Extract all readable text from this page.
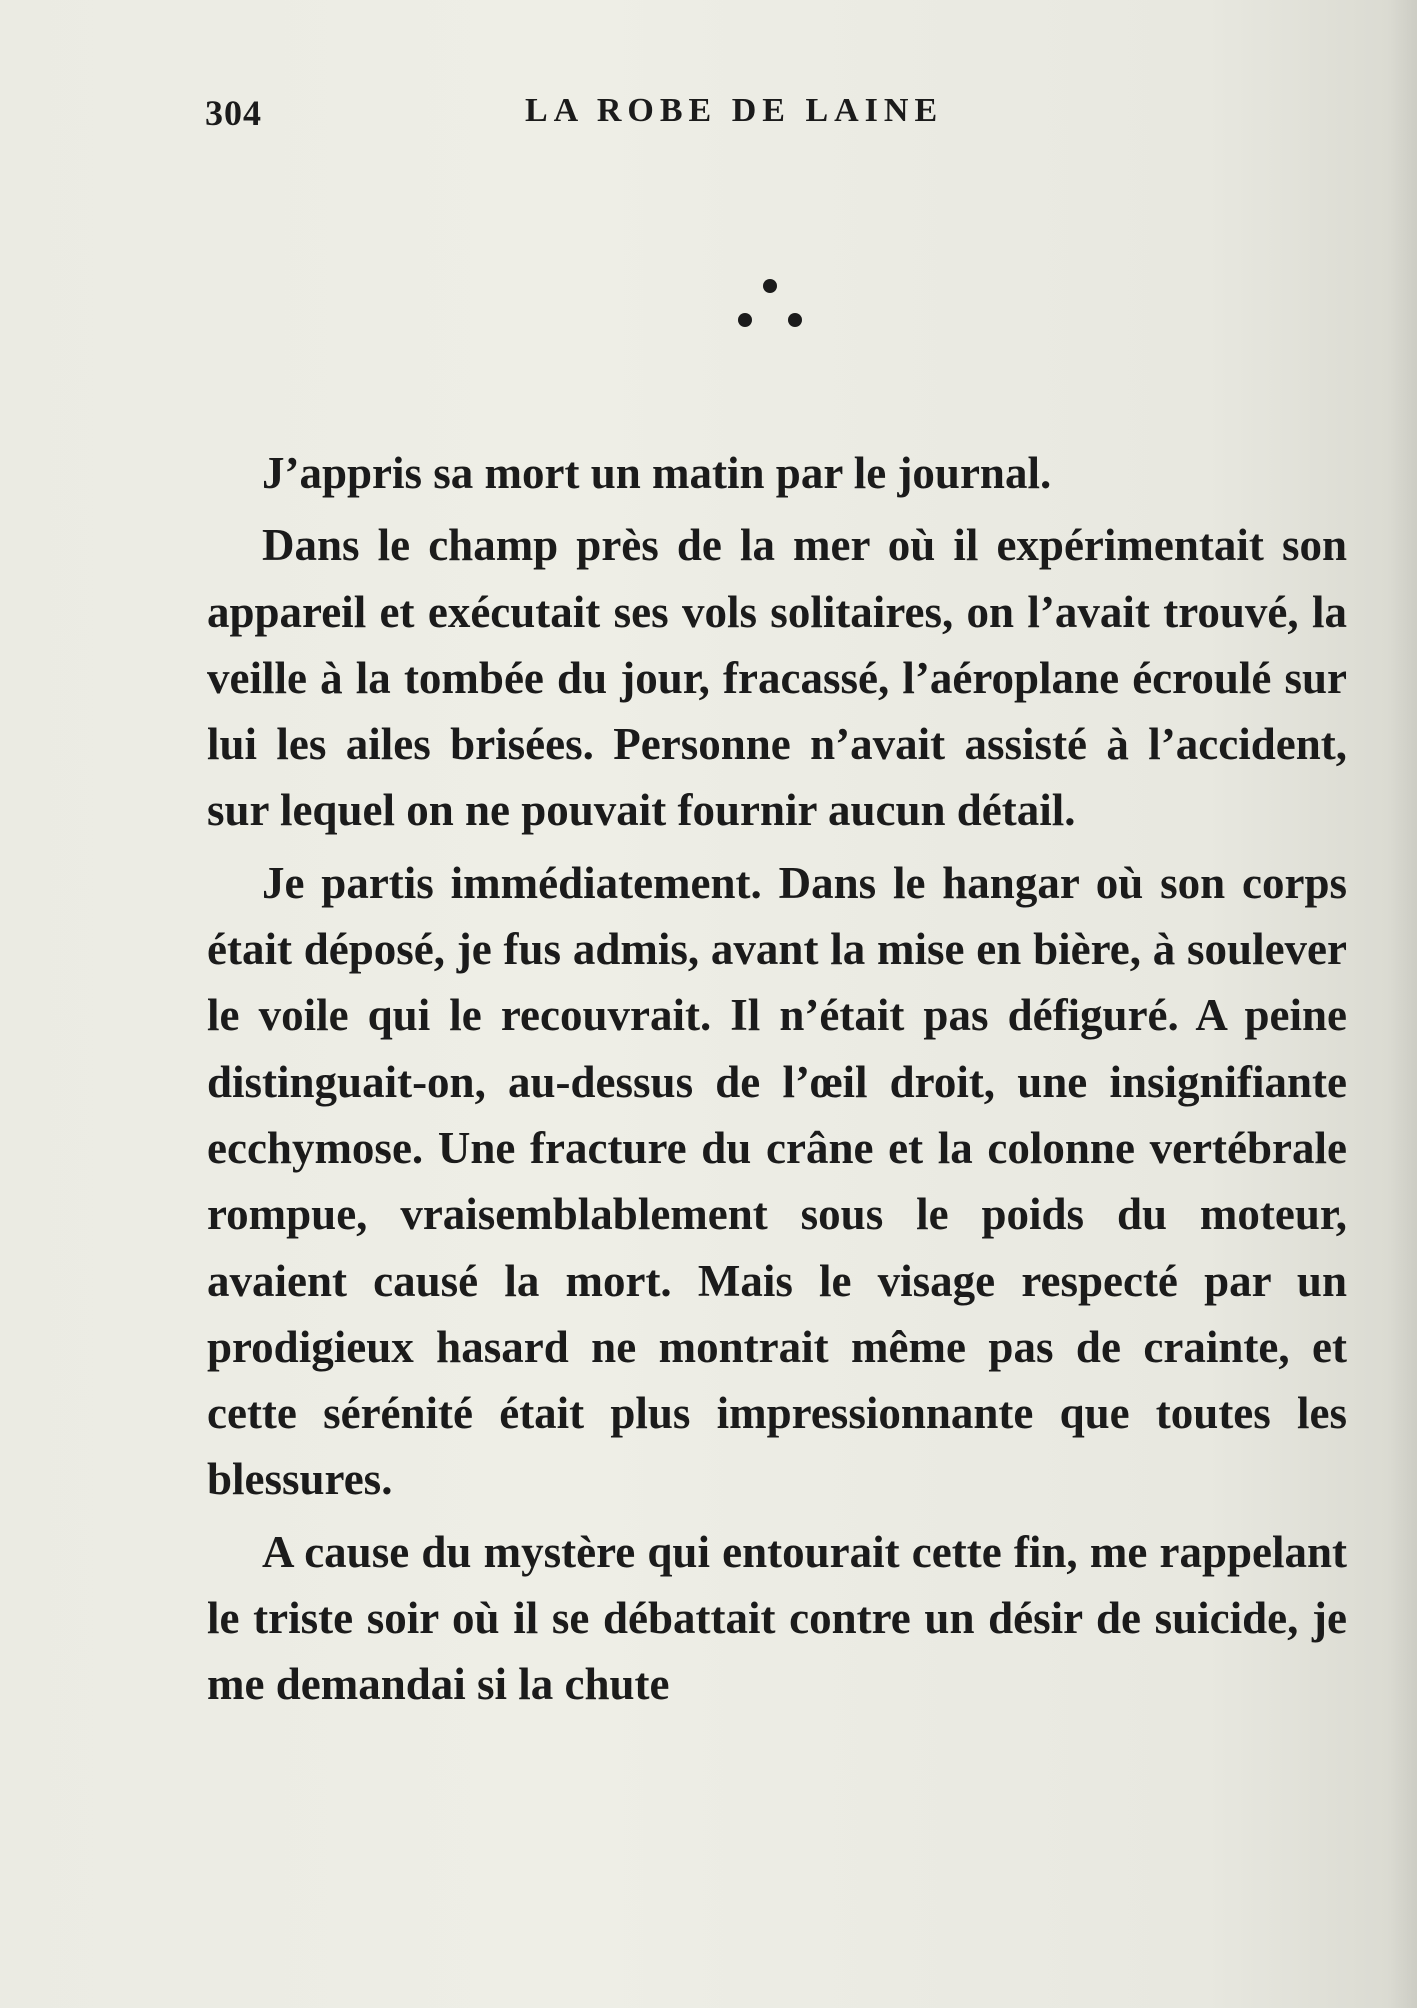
304	LA ROBE DE LAINE

J’appris sa mort un matin par le journal.

Dans le champ près de la mer où il expérimentait son appareil et exécutait ses vols solitaires, on l’avait trouvé, la veille à la tombée du jour, fracassé, l’aéroplane écroulé sur lui les ailes brisées. Personne n’avait assisté à l’accident, sur lequel on ne pouvait fournir aucun détail.

Je partis immédiatement. Dans le hangar où son corps était déposé, je fus admis, avant la mise en bière, à soulever le voile qui le recouvrait. Il n’était pas défiguré. A peine distinguait-on, au-dessus de l’œil droit, une insignifiante ecchymose. Une fracture du crâne et la colonne vertébrale rompue, vraisemblablement sous le poids du moteur, avaient causé la mort. Mais le visage respecté par un prodigieux hasard ne montrait même pas de crainte, et cette sérénité était plus impressionnante que toutes les blessures.

A cause du mystère qui entourait cette fin, me rappelant le triste soir où il se débattait contre un désir de suicide, je me demandai si la chute
